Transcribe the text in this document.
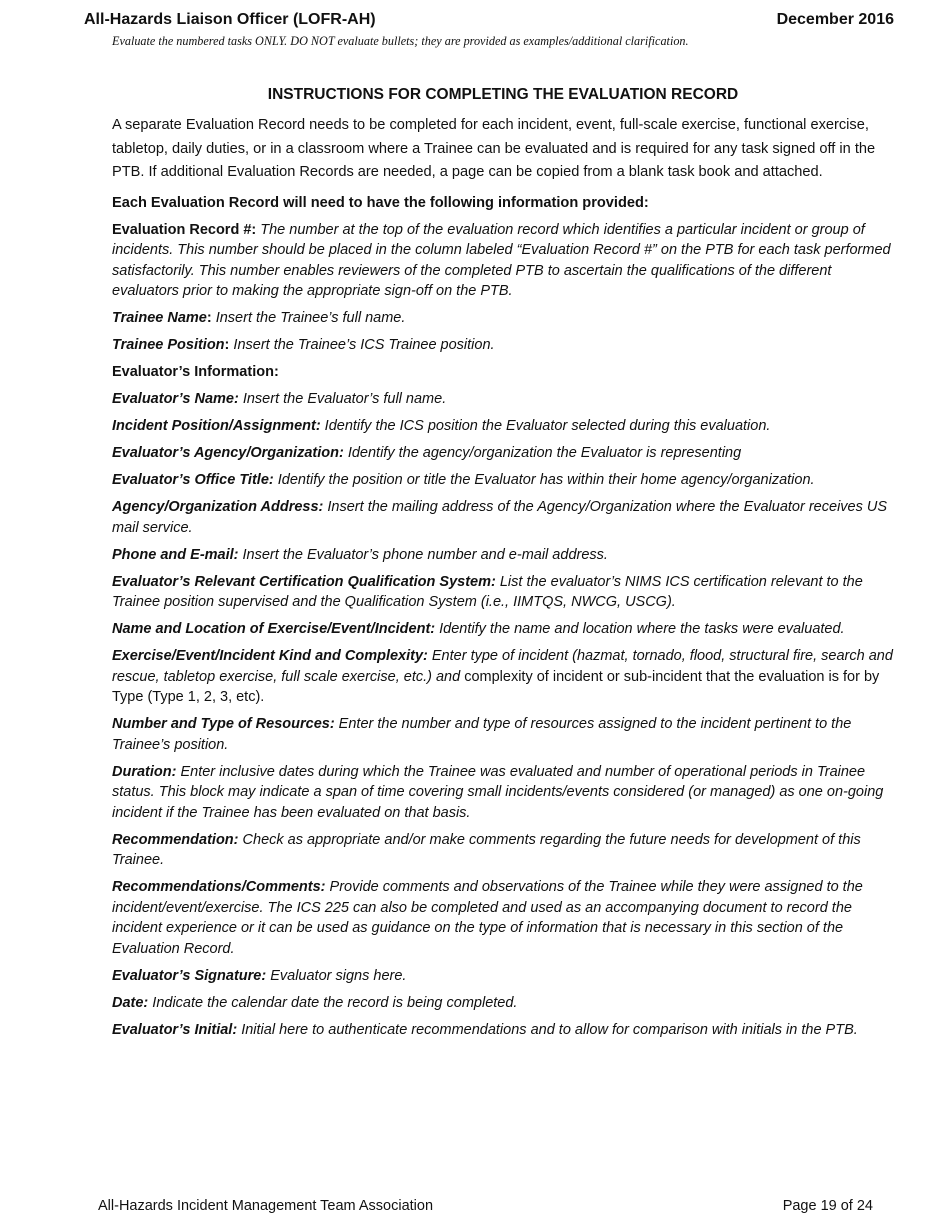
All-Hazards Liaison Officer (LOFR-AH)	December 2016
Evaluate the numbered tasks ONLY. DO NOT evaluate bullets; they are provided as examples/additional clarification.
INSTRUCTIONS FOR COMPLETING THE EVALUATION RECORD

A separate Evaluation Record needs to be completed for each incident, event, full-scale exercise, functional exercise, tabletop, daily duties, or in a classroom where a Trainee can be evaluated and is required for any task signed off in the PTB. If additional Evaluation Records are needed, a page can be copied from a blank task book and attached.

Each Evaluation Record will need to have the following information provided:

Evaluation Record #: The number at the top of the evaluation record which identifies a particular incident or group of incidents. This number should be placed in the column labeled “Evaluation Record #” on the PTB for each task performed satisfactorily. This number enables reviewers of the completed PTB to ascertain the qualifications of the different evaluators prior to making the appropriate sign-off on the PTB.

Trainee Name: Insert the Trainee’s full name.

Trainee Position: Insert the Trainee’s ICS Trainee position.

Evaluator’s Information:

Evaluator’s Name: Insert the Evaluator’s full name.

Incident Position/Assignment: Identify the ICS position the Evaluator selected during this evaluation.

Evaluator’s Agency/Organization: Identify the agency/organization the Evaluator is representing

Evaluator’s Office Title: Identify the position or title the Evaluator has within their home agency/organization.

Agency/Organization Address: Insert the mailing address of the Agency/Organization where the Evaluator receives US mail service.

Phone and E-mail: Insert the Evaluator’s phone number and e-mail address.

Evaluator’s Relevant Certification Qualification System: List the evaluator’s NIMS ICS certification relevant to the Trainee position supervised and the Qualification System (i.e., IIMTQS, NWCG, USCG).

Name and Location of Exercise/Event/Incident: Identify the name and location where the tasks were evaluated.

Exercise/Event/Incident Kind and Complexity: Enter type of incident (hazmat, tornado, flood, structural fire, search and rescue, tabletop exercise, full scale exercise, etc.) and complexity of incident or sub-incident that the evaluation is for by Type (Type 1, 2, 3, etc).

Number and Type of Resources: Enter the number and type of resources assigned to the incident pertinent to the Trainee’s position.

Duration: Enter inclusive dates during which the Trainee was evaluated and number of operational periods in Trainee status. This block may indicate a span of time covering small incidents/events considered (or managed) as one on-going incident if the Trainee has been evaluated on that basis.

Recommendation: Check as appropriate and/or make comments regarding the future needs for development of this Trainee.

Recommendations/Comments: Provide comments and observations of the Trainee while they were assigned to the incident/event/exercise. The ICS 225 can also be completed and used as an accompanying document to record the incident experience or it can be used as guidance on the type of information that is necessary in this section of the Evaluation Record.

Evaluator’s Signature: Evaluator signs here.

Date: Indicate the calendar date the record is being completed.

Evaluator’s Initial: Initial here to authenticate recommendations and to allow for comparison with initials in the PTB.

All-Hazards Incident Management Team Association	Page 19 of 24
